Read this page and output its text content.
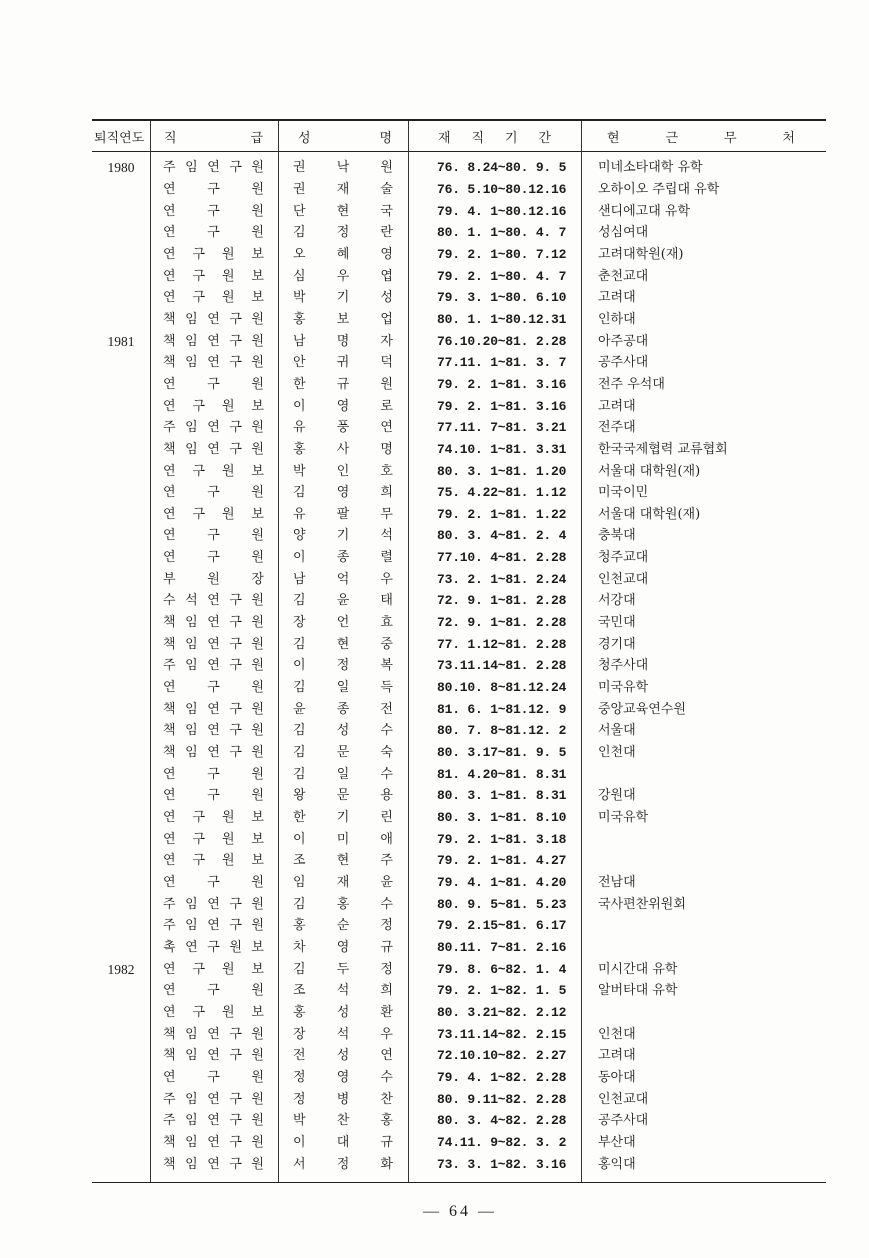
퇴직연도	직 급	성 명	재 직 기 간	현 근 무 처
1980	주 임 연 구 원	권 낙 원	76. 8.24~80. 9. 5	미네소타대학 유학
연 구 원	권 재 술	76. 5.10~80.12.16	오하이오 주립대 유학
연 구 원	단 현 국	79. 4. 1~80.12.16	샌디에고대 유학
연 구 원	김 정 란	80. 1. 1~80. 4. 7	성심여대
연 구 원 보	오 혜 영	79. 2. 1~80. 7.12	고려대학원(재)
연 구 원 보	심 우 엽	79. 2. 1~80. 4. 7	춘천교대
연 구 원 보	박 기 성	79. 3. 1~80. 6.10	고려대
책 임 연 구 원	홍 보 업	80. 1. 1~80.12.31	인하대
1981	책 임 연 구 원	남 명 자	76.10.20~81. 2.28	아주공대
책 임 연 구 원	안 귀 덕	77.11. 1~81. 3. 7	공주사대
연 구 원	한 규 원	79. 2. 1~81. 3.16	전주 우석대
연 구 원 보	이 영 로	79. 2. 1~81. 3.16	고려대
주 임 연 구 원	유 풍 연	77.11. 7~81. 3.21	전주대
책 임 연 구 원	홍 사 명	74.10. 1~81. 3.31	한국국제협력 교류협회
연 구 원 보	박 인 호	80. 3. 1~81. 1.20	서울대 대학원(재)
연 구 원	김 영 희	75. 4.22~81. 1.12	미국이민
연 구 원 보	유 팔 무	79. 2. 1~81. 1.22	서울대 대학원(재)
연 구 원	양 기 석	80. 3. 4~81. 2. 4	충북대
연 구 원	이 종 렬	77.10. 4~81. 2.28	청주교대
부 원 장	남 억 우	73. 2. 1~81. 2.24	인천교대
수 석 연 구 원	김 윤 태	72. 9. 1~81. 2.28	서강대
책 임 연 구 원	장 언 효	72. 9. 1~81. 2.28	국민대
책 임 연 구 원	김 현 중	77. 1.12~81. 2.28	경기대
주 임 연 구 원	이 정 복	73.11.14~81. 2.28	청주사대
연 구 원	김 일 득	80.10. 8~81.12.24	미국유학
책 임 연 구 원	윤 종 전	81. 6. 1~81.12. 9	중앙교육연수원
책 임 연 구 원	김 성 수	80. 7. 8~81.12. 2	서울대
책 임 연 구 원	김 문 숙	80. 3.17~81. 9. 5	인천대
연 구 원	김 일 수	81. 4.20~81. 8.31
연 구 원	왕 문 용	80. 3. 1~81. 8.31	강원대
연 구 원 보	한 기 린	80. 3. 1~81. 8.10	미국유학
연 구 원 보	이 미 애	79. 2. 1~81. 3.18
연 구 원 보	조 현 주	79. 2. 1~81. 4.27
연 구 원	임 재 윤	79. 4. 1~81. 4.20	전남대
주 임 연 구 원	김 홍 수	80. 9. 5~81. 5.23	국사편찬위원회
주 임 연 구 원	홍 순 정	79. 2.15~81. 6.17
촉 연 구 원 보	차 영 규	80.11. 7~81. 2.16
1982	연 구 원 보	김 두 정	79. 8. 6~82. 1. 4	미시간대 유학
연 구 원	조 석 희	79. 2. 1~82. 1. 5	알버타대 유학
연 구 원 보	홍 성 환	80. 3.21~82. 2.12
책 임 연 구 원	장 석 우	73.11.14~82. 2.15	인천대
책 임 연 구 원	전 성 연	72.10.10~82. 2.27	고려대
연 구 원	정 영 수	79. 4. 1~82. 2.28	동아대
주 임 연 구 원	정 병 찬	80. 9.11~82. 2.28	인천교대
주 임 연 구 원	박 찬 홍	80. 3. 4~82. 2.28	공주사대
책 임 연 구 원	이 대 규	74.11. 9~82. 3. 2	부산대
책 임 연 구 원	서 정 화	73. 3. 1~82. 3.16	홍익대
— 64 —
